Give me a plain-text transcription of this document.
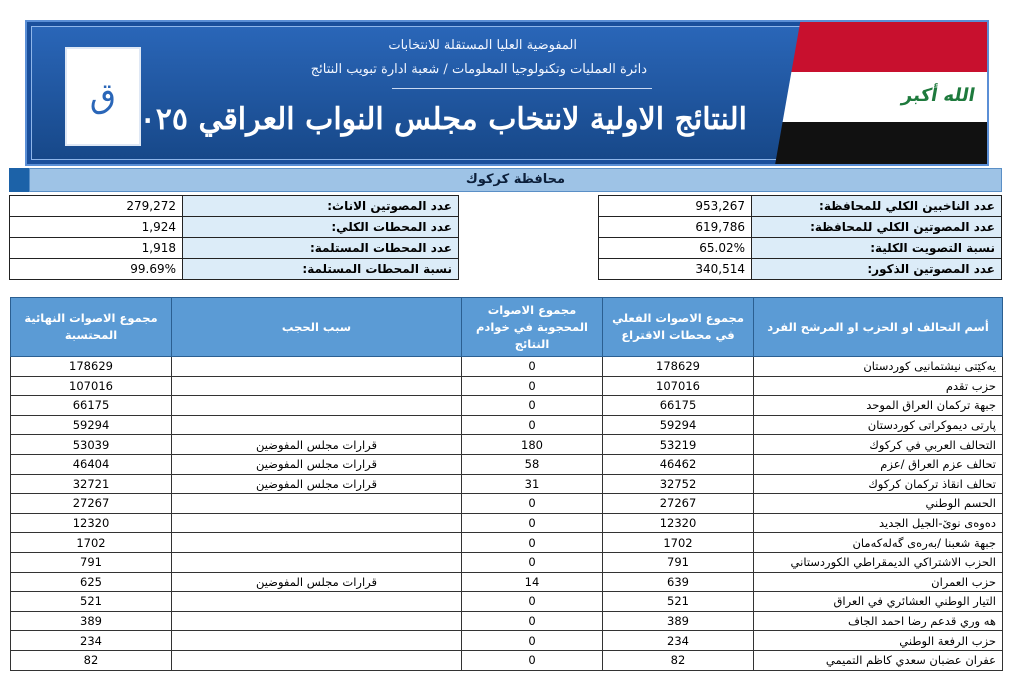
ق
المفوضية العليا المستقلة للانتخابات
دائرة العمليات وتكنولوجيا المعلومات / شعبة ادارة تبويب النتائج
النتائج الاولية لانتخاب مجلس النواب العراقي ٢٠٢٥
الله أكبر
محافظة كركوك
953,267	عدد الناخبين الكلي للمحافظة:
619,786	عدد المصوتين الكلي للمحافظة:
65.02%	نسبة التصويت الكلية:
340,514	عدد المصوتين الذكور:
279,272	عدد المصوتين الاناث:
1,924	عدد المحطات الكلي:
1,918	عدد المحطات المستلمة:
99.69%	نسبة المحطات المستلمة:
مجموع الاصوات النهائية المحتسبة	سبب الحجب	مجموع الاصوات المحجوبة في خوادم النتائج	مجموع الاصوات الفعلي في محطات الاقتراع	أسم التحالف او الحزب او المرشح الفرد
178629		0	178629	یەکێتی نیشتمانیی کوردستان
107016		0	107016	حزب تقدم
66175		0	66175	جبهة تركمان العراق الموحد
59294		0	59294	پارتی دیموکراتی کوردستان
53039	قرارات مجلس المفوضين	180	53219	التحالف العربي في كركوك
46404	قرارات مجلس المفوضين	58	46462	تحالف عزم العراق /عزم
32721	قرارات مجلس المفوضين	31	32752	تحالف انقاذ تركمان كركوك
27267		0	27267	الحسم الوطني
12320		0	12320	دەوەی نوێ-الجيل الجديد
1702		0	1702	جبهة شعبنا /بەرەی گەلەکەمان
791		0	791	الحزب الاشتراكي الديمقراطي الكوردستاني
625	قرارات مجلس المفوضين	14	639	حزب العمران
521		0	521	التيار الوطني العشائري في العراق
389		0	389	هه وري قدعم رضا احمد الجاف
234		0	234	حزب الرفعة الوطني
82		0	82	عفران عضبان سعدي كاظم التميمي
